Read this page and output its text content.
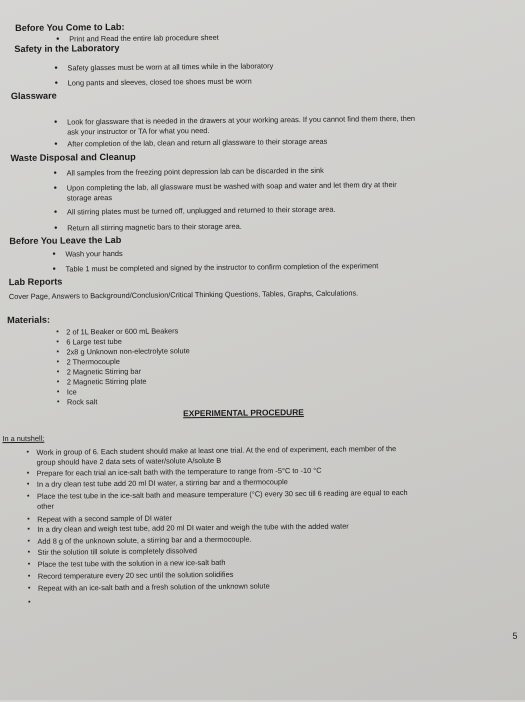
Before You Come to Lab:
• Print and Read the entire lab procedure sheet
Safety in the Laboratory
• Safety glasses must be worn at all times while in the laboratory
• Long pants and sleeves, closed toe shoes must be worn
Glassware
• Look for glassware that is needed in the drawers at your working areas. If you cannot find them there, then
ask your instructor or TA for what you need.
• After completion of the lab, clean and return all glassware to their storage areas
Waste Disposal and Cleanup
• All samples from the freezing point depression lab can be discarded in the sink
• Upon completing the lab, all glassware must be washed with soap and water and let them dry at their
storage areas
• All stirring plates must be turned off, unplugged and returned to their storage area.
• Return all stirring magnetic bars to their storage area.
Before You Leave the Lab
• Wash your hands
• Table 1 must be completed and signed by the instructor to confirm completion of the experiment
Lab Reports
Cover Page, Answers to Background/Conclusion/Critical Thinking Questions, Tables, Graphs, Calculations.
Materials:
▪ 2 of 1L Beaker or 600 mL Beakers
▪ 6 Large test tube
▪ 2x8 g Unknown non-electrolyte solute
▪ 2 Thermocouple
▪ 2 Magnetic Stirring bar
▪ 2 Magnetic Stirring plate
▪ Ice
▪ Rock salt
EXPERIMENTAL PROCEDURE
In a nutshell:
▪ Work in group of 6. Each student should make at least one trial. At the end of experiment, each member of the
group should have 2 data sets of water/solute A/solute B
▪ Prepare for each trial an ice-salt bath with the temperature to range from -5°C to -10 °C
▪ In a dry clean test tube add 20 ml DI water, a stirring bar and a thermocouple
▪ Place the test tube in the ice-salt bath and measure temperature (°C) every 30 sec till 6 reading are equal to each
other
▪ Repeat with a second sample of DI water
▪ In a dry clean and weigh test tube, add 20 ml DI water and weigh the tube with the added water
▪ Add 8 g of the unknown solute, a stirring bar and a thermocouple.
▪ Stir the solution till solute is completely dissolved
▪ Place the test tube with the solution in a new ice-salt bath
▪ Record temperature every 20 sec until the solution solidifies
▪ Repeat with an ice-salt bath and a fresh solution of the unknown solute
▪
5
